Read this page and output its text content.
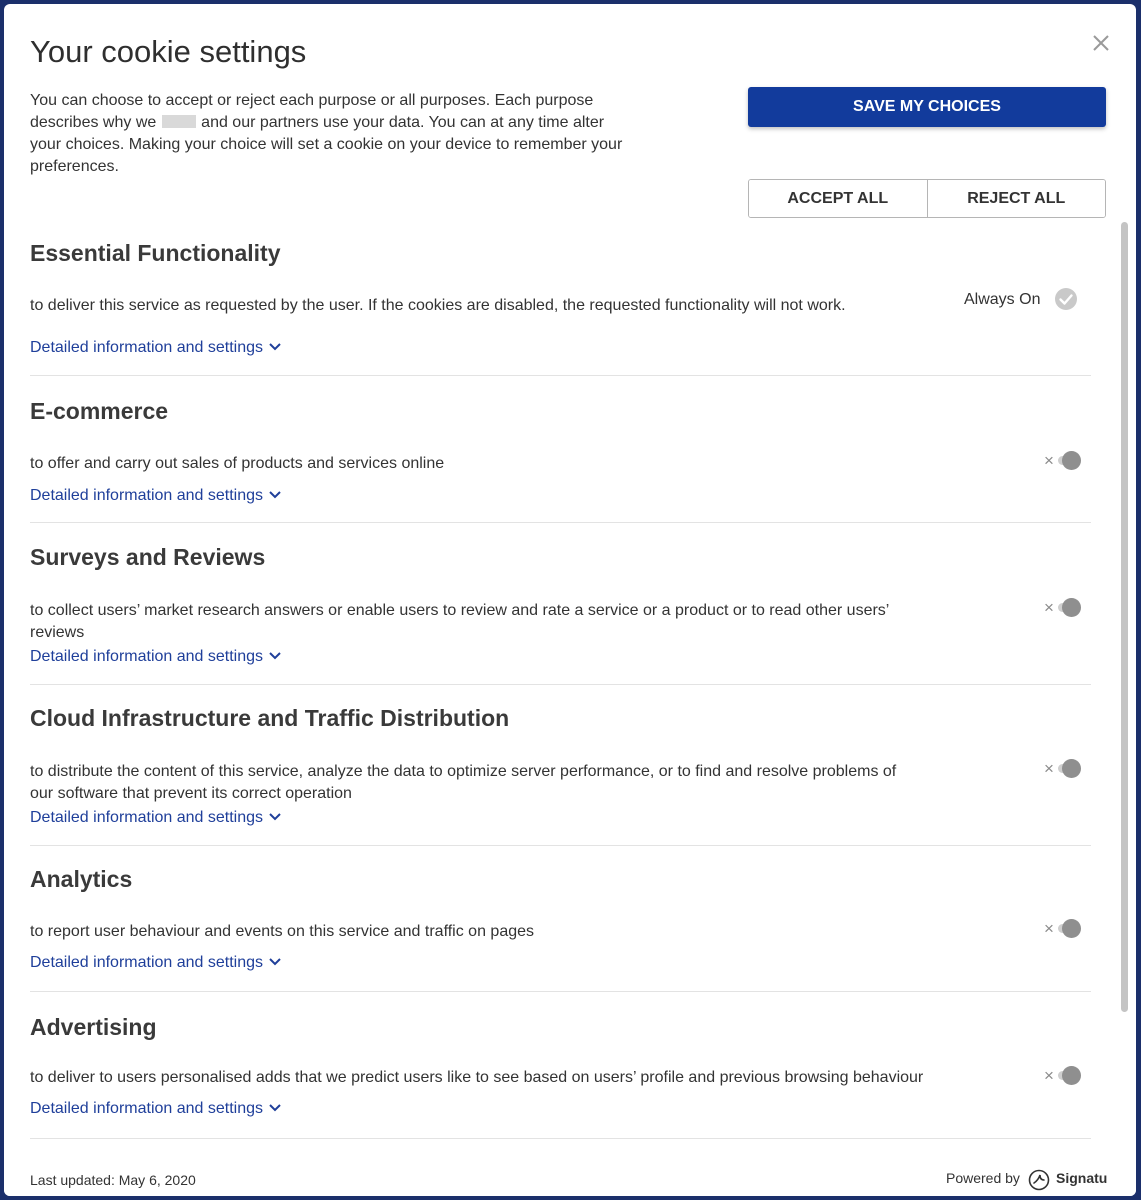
Your cookie settings

You can choose to accept or reject each purpose or all purposes. Each purpose describes why we  and our partners use your data. You can at any time alter your choices. Making your choice will set a cookie on your device to remember your preferences.

SAVE MY CHOICES
ACCEPT ALL	REJECT ALL
Essential Functionality

to deliver this service as requested by the user. If the cookies are disabled, the requested functionality will not work.	Always On
Detailed information and settings
E-commerce

to offer and carry out sales of products and services online	×
Detailed information and settings
Surveys and Reviews

to collect users’ market research answers or enable users to review and rate a service or a product or to read other users’ reviews

×
Detailed information and settings
Cloud Infrastructure and Traffic Distribution

to distribute the content of this service, analyze the data to optimize server performance, or to find and resolve problems of our software that prevent its correct operation

×
Detailed information and settings
Analytics

to report user behaviour and events on this service and traffic on pages	×
Detailed information and settings
Advertising

to deliver to users personalised adds that we predict users like to see based on users’ profile and previous browsing behaviour	×
Detailed information and settings
Last updated: May 6, 2020	Powered by	Signatu
